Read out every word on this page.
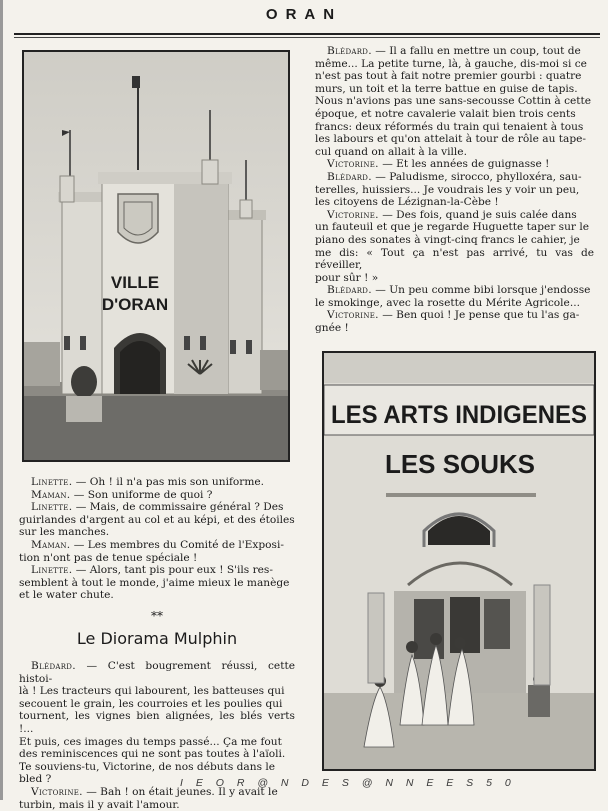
ORAN
VILLE
D'ORAN

Blédard. — Il a fallu en mettre un coup, tout de

même... La petite turne, là, à gauche, dis-moi si ce

n'est pas tout à fait notre premier gourbi : quatre

murs, un toit et la terre battue en guise de tapis.

Nous n'avions pas une sans-secousse Cottin à cette

époque, et notre cavalerie valait bien trois cents

francs: deux réformés du train qui tenaient à tous

les labours et qu'on attelait à tour de rôle au tape-

cul quand on allait à la ville.

Victorine. — Et les années de guignasse !

Blédard. — Paludisme, sirocco, phylloxéra, sau-

terelles, huissiers... Je voudrais les y voir un peu,

les citoyens de Lézignan-la-Cèbe !

Victorine. — Des fois, quand je suis calée dans

un fauteuil et que je regarde Huguette taper sur le

piano des sonates à vingt-cinq francs le cahier, je

me dis: « Tout ça n'est pas arrivé, tu vas de réveiller,

pour sûr ! »

Blédard. — Un peu comme bibi lorsque j'endosse

le smokinge, avec la rosette du Mérite Agricole...

Victorine. — Ben quoi ! Je pense que tu l'as ga-

gnée !

LES ARTS INDIGENES
LES SOUKS

Linette. — Oh ! il n'a pas mis son uniforme.

Maman. — Son uniforme de quoi ?

Linette. — Mais, de commissaire général ? Des

guirlandes d'argent au col et au képi, et des étoiles

sur les manches.

Maman. — Les membres du Comité de l'Exposi-

tion n'ont pas de tenue spéciale !

Linette. — Alors, tant pis pour eux ! S'ils res-

semblent à tout le monde, j'aime mieux le manège

et le water chute.

⁎⁎
Le Diorama Mulphin

Blédard. — C'est bougrement réussi, cette histoi-

là ! Les tracteurs qui labourent, les batteuses qui

secouent le grain, les courroies et les poulies qui

tournent, les vignes bien alignées, les blés verts !...

Et puis, ces images du temps passé... Ça me fout

des reminiscences qui ne sont pas toutes à l'aïoli.

Te souviens-tu, Victorine, de nos débuts dans le

bled ?

Victorine. — Bah ! on était jeunes. Il y avait le

turbin, mais il y avait l'amour.

I E O R @ N D E S @ N N E E S 5 0
